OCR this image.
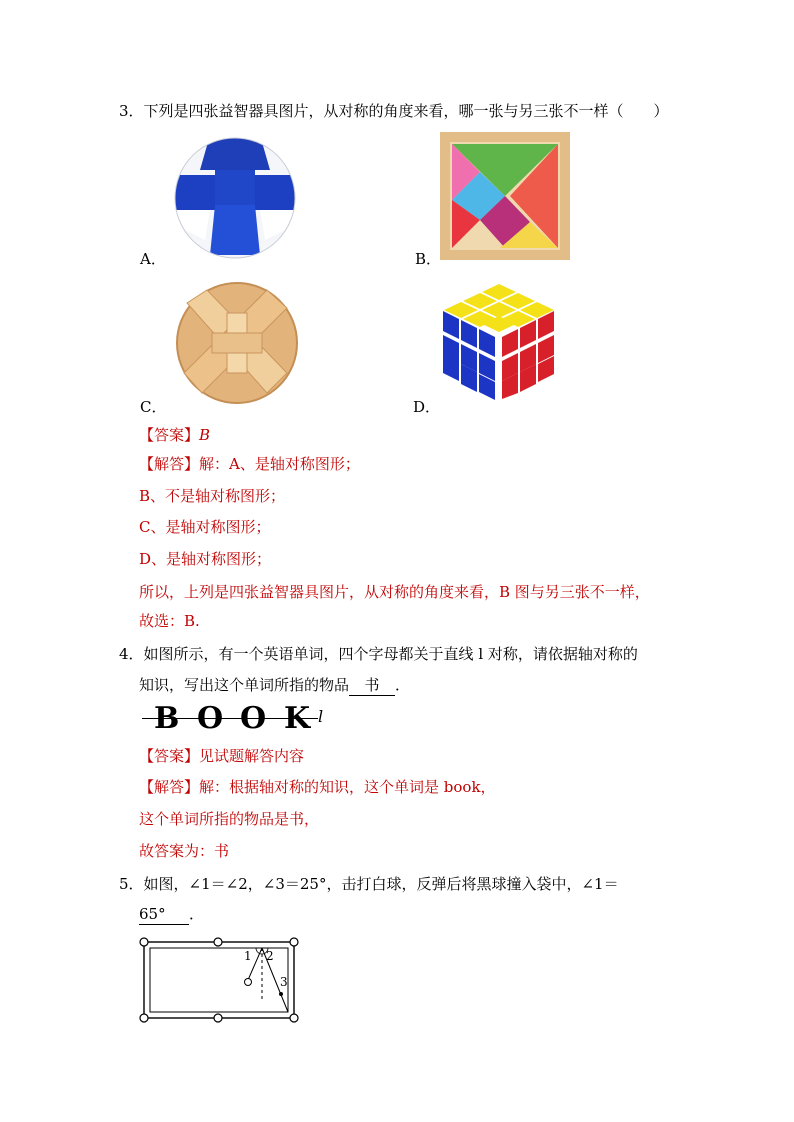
3．下列是四张益智器具图片，从对称的角度来看，哪一张与另三张不一样（　　）
A．	B．
C．	D．
【答案】B
【解答】解：A、是轴对称图形；
B、不是轴对称图形；
C、是轴对称图形；
D、是轴对称图形；
所以，上列是四张益智器具图片，从对称的角度来看，B 图与另三张不一样，
故选：B.
4．如图所示，有一个英语单词，四个字母都关于直线 l 对称，请依据轴对称的
知识，写出这个单词所指的物品 书 ．
B O O K l
【答案】见试题解答内容
【解答】解：根据轴对称的知识，这个单词是 book，
这个单词所指的物品是书，
故答案为：书
5．如图，∠1＝∠2，∠3＝25°，击打白球，反弹后将黑球撞入袋中，∠1＝
65° ．
1 2
3
